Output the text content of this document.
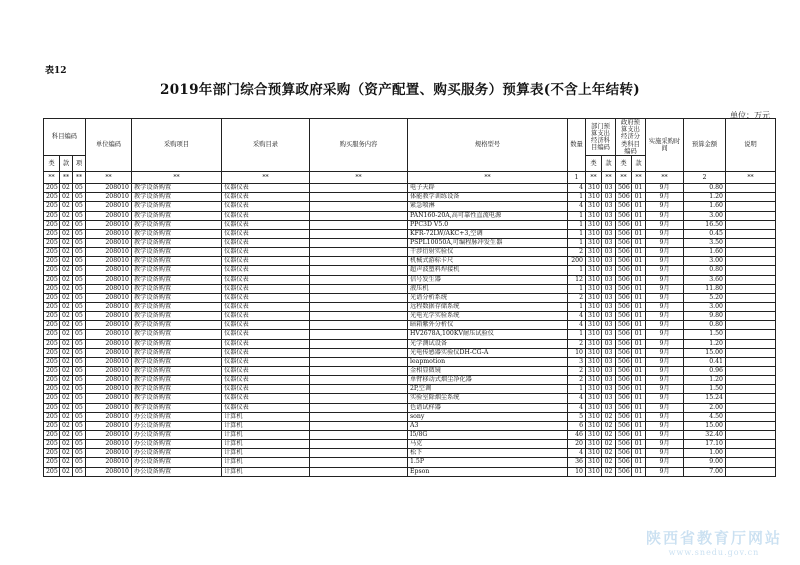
表12
2019年部门综合预算政府采购（资产配置、购买服务）预算表(不含上年结转)
单位：万元
科目编码			单位编码	采购项目	采购目录	购买服务内容	规格型号	数量	部门预算支出经济科目编码		政府预算支出经济分类科目编码		实施采购时间	预算金额	说明
类	款	项							类	款	类	款			
**	**	**	**	**	**	**	**	1	**	**	**	**	**	2	**
205	02	05	208010	教学设备购置	仪器仪表		电子天辟	4	310	03	506	01	9月	0.80	
205	02	05	208010	教学设备购置	仪器仪表		体能教学训练设备	1	310	03	506	01	9月	1.20	
205	02	05	208010	教学设备购置	仪器仪表		紧急喷淋	4	310	03	506	01	9月	1.60	
205	02	05	208010	教学设备购置	仪器仪表		PAN160-20A,高可靠性直流电源	1	310	03	506	01	9月	3.00	
205	02	05	208010	教学设备购置	仪器仪表		PPC3D V5.0	1	310	03	506	01	9月	16.50	
205	02	05	208010	教学设备购置	仪器仪表		KFR-72LW/AKC+3,空调	1	310	03	506	01	9月	0.45	
205	02	05	208010	教学设备购置	仪器仪表		PSPL10050A,可编程脉冲发生器	1	310	03	506	01	9月	3.50	
205	02	05	208010	教学设备购置	仪器仪表		干涉衍射实验仪	2	310	03	506	01	9月	1.60	
205	02	05	208010	教学设备购置	仪器仪表		机械式游标卡尺	200	310	03	506	01	9月	3.00	
205	02	05	208010	教学设备购置	仪器仪表		超声波塑料焊接机	1	310	03	506	01	9月	0.80	
205	02	05	208010	教学设备购置	仪器仪表		信号发生器	12	310	03	506	01	9月	3.60	
205	02	05	208010	教学设备购置	仪器仪表		液压机	1	310	03	506	01	9月	11.80	
205	02	05	208010	教学设备购置	仪器仪表		光谱分析系统	2	310	03	506	01	9月	5.20	
205	02	05	208010	教学设备购置	仪器仪表		远程数据存储系统	1	310	03	506	01	9月	3.00	
205	02	05	208010	教学设备购置	仪器仪表		光电光学实验系统	4	310	03	506	01	9月	9.80	
205	02	05	208010	教学设备购置	仪器仪表		暗箱紫外分析仪	4	310	03	506	01	9月	0.80	
205	02	05	208010	教学设备购置	仪器仪表		HV2678A,100KV耐压试验仪	1	310	03	506	01	9月	1.50	
205	02	05	208010	教学设备购置	仪器仪表		光学测试设备	2	310	03	506	01	9月	1.20	
205	02	05	208010	教学设备购置	仪器仪表		光电传感器实验仪DH-CG-A	10	310	03	506	01	9月	15.00	
205	02	05	208010	教学设备购置	仪器仪表		leapmotion	3	310	03	506	01	9月	0.41	
205	02	05	208010	教学设备购置	仪器仪表		金相显微镜	2	310	03	506	01	9月	0.96	
205	02	05	208010	教学设备购置	仪器仪表		单臂移动式烟尘净化器	2	310	03	506	01	9月	1.20	
205	02	05	208010	教学设备购置	仪器仪表		2P,空调	1	310	03	506	01	9月	1.50	
205	02	05	208010	教学设备购置	仪器仪表		实验室除烟尘系统	4	310	03	506	01	9月	15.24	
205	02	05	208010	教学设备购置	仪器仪表		色谱试样器	4	310	03	506	01	9月	2.00	
205	02	05	208010	办公设备购置	计算机		sony	5	310	02	506	01	9月	4.50	
205	02	05	208010	办公设备购置	计算机		A3	6	310	02	506	01	9月	15.00	
205	02	05	208010	办公设备购置	计算机		I5/8G	46	310	02	506	01	9月	32.40	
205	02	05	208010	办公设备购置	计算机		马克	20	310	02	506	01	9月	17.10	
205	02	05	208010	办公设备购置	计算机		松下	4	310	02	506	01	9月	1.00	
205	02	05	208010	办公设备购置	计算机		1.5P	36	310	02	506	01	9月	9.00	
205	02	05	208010	办公设备购置	计算机		Epson	10	310	02	506	01	9月	7.00	
陕西省教育厅网站
www.snedu.gov.cn
